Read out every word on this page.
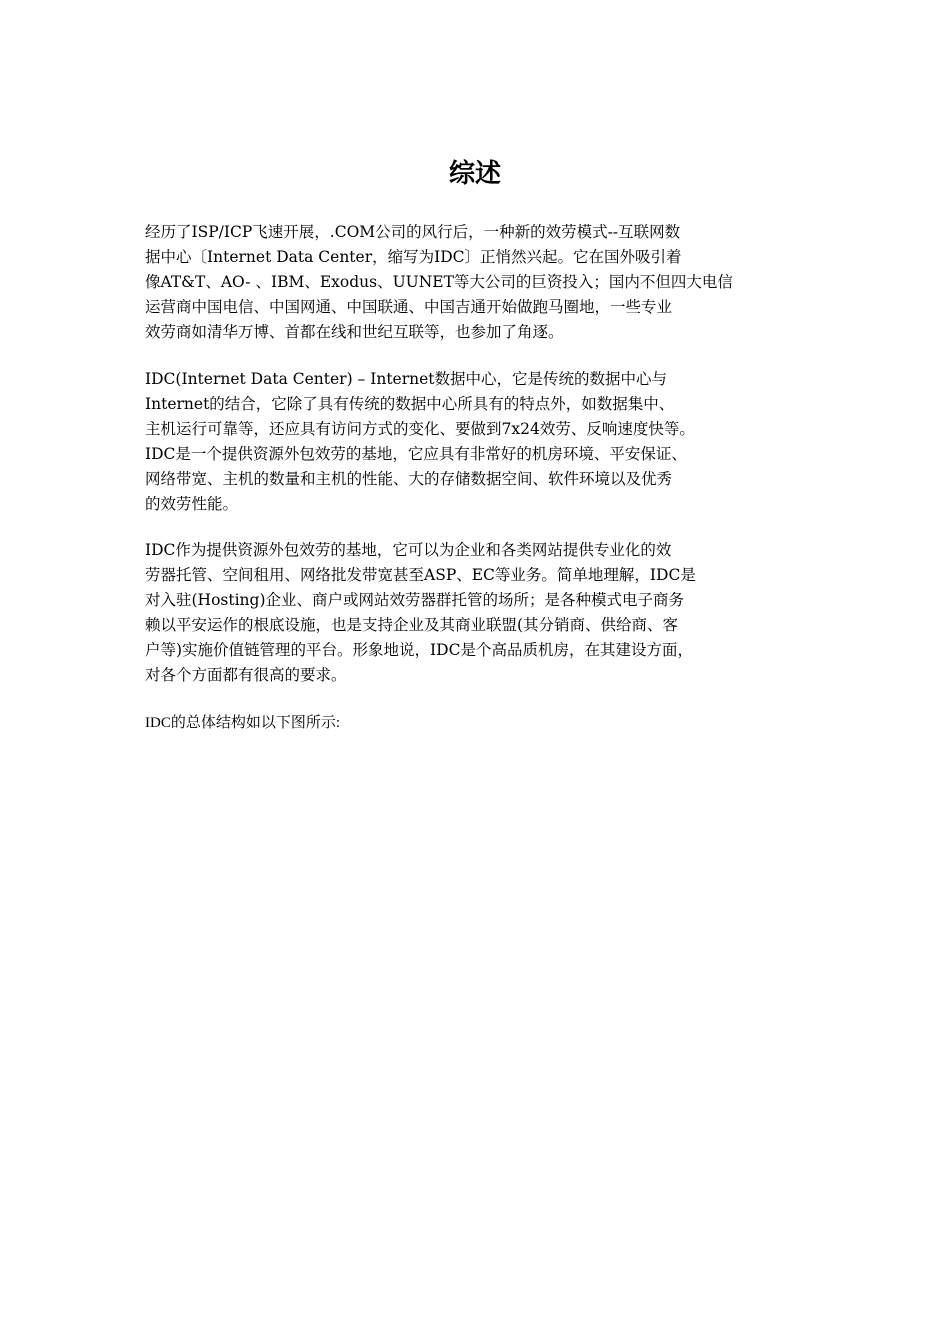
综述
经历了ISP/ICP飞速开展，.COM公司的风行后，一种新的效劳模式--互联网数
据中心〔Internet Data Center，缩写为IDC〕正悄然兴起。它在国外吸引着
像AT&T、AO- 、IBM、Exodus、UUNET等大公司的巨资投入；国内不但四大电信
运营商中国电信、中国网通、中国联通、中国吉通开始做跑马圈地，一些专业
效劳商如清华万博、首都在线和世纪互联等，也参加了角逐。
IDC(Internet Data Center) – Internet数据中心，它是传统的数据中心与
Internet的结合，它除了具有传统的数据中心所具有的特点外，如数据集中、
主机运行可靠等，还应具有访问方式的变化、要做到7x24效劳、反响速度快等。
IDC是一个提供资源外包效劳的基地，它应具有非常好的机房环境、平安保证、
网络带宽、主机的数量和主机的性能、大的存储数据空间、软件环境以及优秀
的效劳性能。
IDC作为提供资源外包效劳的基地，它可以为企业和各类网站提供专业化的效
劳器托管、空间租用、网络批发带宽甚至ASP、EC等业务。简单地理解，IDC是
对入驻(Hosting)企业、商户或网站效劳器群托管的场所；是各种模式电子商务
赖以平安运作的根底设施，也是支持企业及其商业联盟(其分销商、供给商、客
户等)实施价值链管理的平台。形象地说，IDC是个高品质机房，在其建设方面，
对各个方面都有很高的要求。
IDC的总体结构如以下图所示:
